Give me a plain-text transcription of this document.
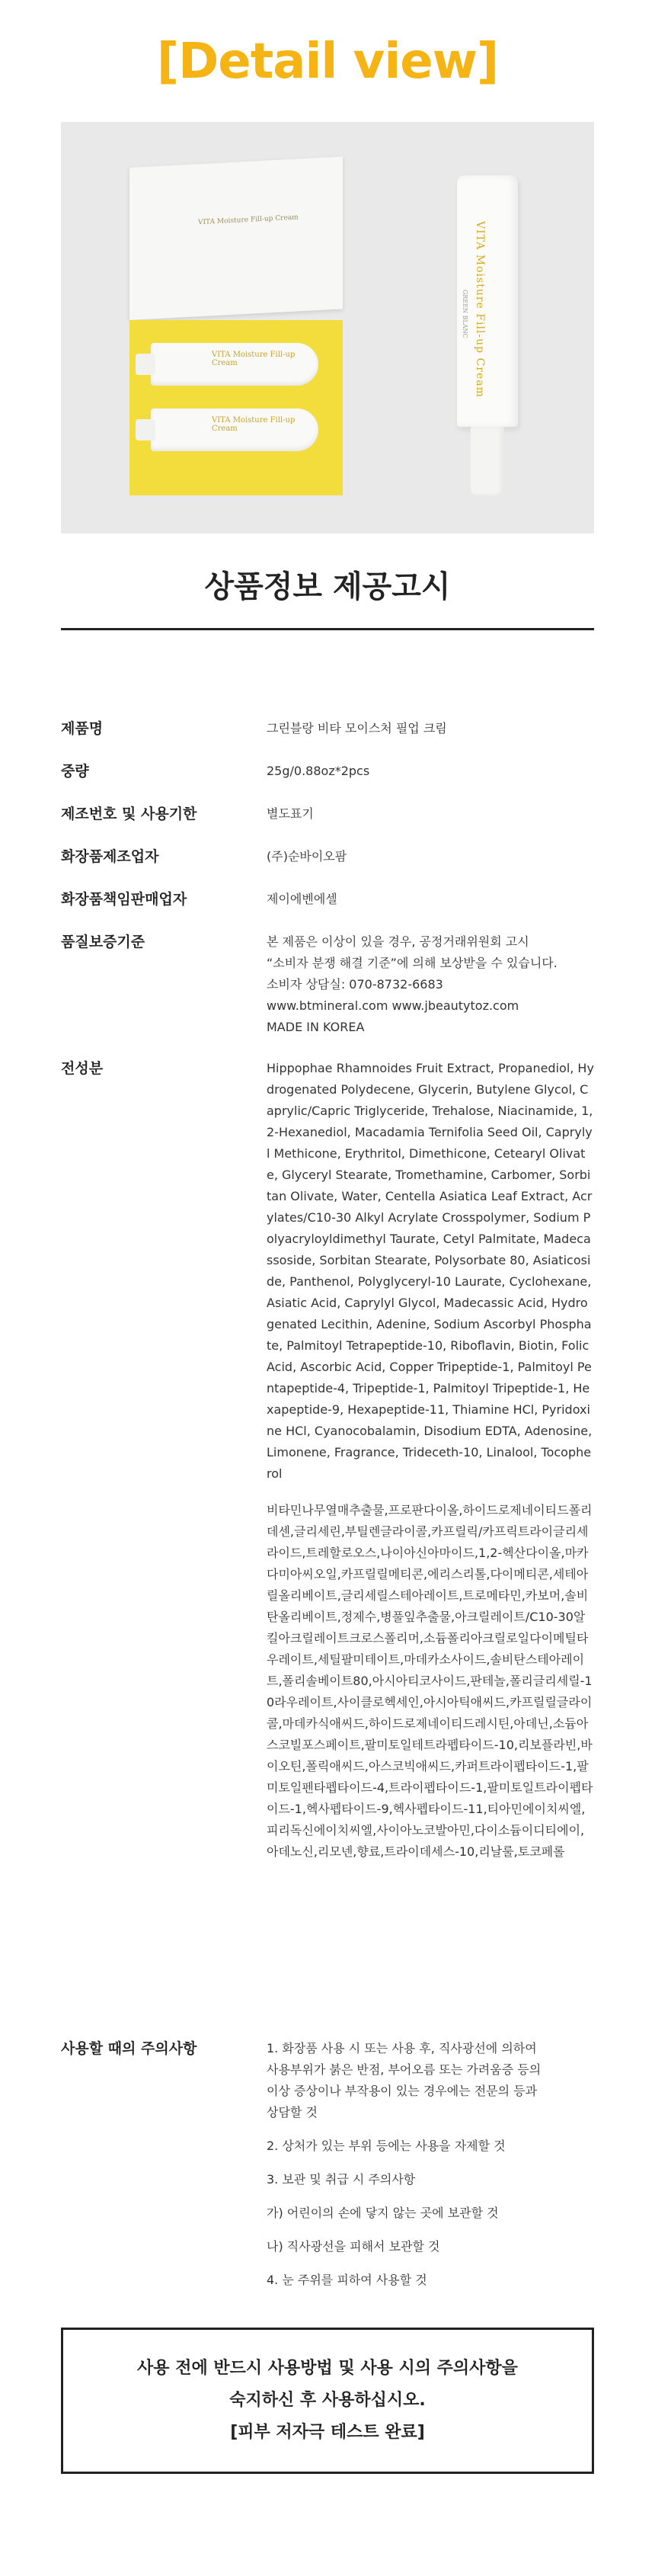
[Detail view]
VITA Moisture Fill-up Cream
VITA Moisture Fill-up Cream
VITA Moisture Fill-up Cream
VITA Moisture Fill-up Cream
GREEN BLANC
상품정보 제공고시
제품명	그린블랑 비타 모이스처 필업 크림
중량	25g/0.88oz*2pcs
제조번호 및 사용기한	별도표기
화장품제조업자	(주)순바이오팜
화장품책임판매업자	제이에벤에셀
품질보증기준	본 제품은 이상이 있을 경우, 공정거래위원회 고시
“소비자 분쟁 해결 기준”에 의해 보상받을 수 있습니다.
소비자 상담실: 070-8732-6683
www.btmineral.com www.jbeautytoz.com
MADE IN KOREA
전성분	Hippophae Rhamnoides Fruit Extract, Propanediol, Hydrogenated Polydecene, Glycerin, Butylene Glycol, Caprylic/Capric Triglyceride, Trehalose, Niacinamide, 1,2-Hexanediol, Macadamia Ternifolia Seed Oil, Caprylyl Methicone, Erythritol, Dimethicone, Cetearyl Olivate, Glyceryl Stearate, Tromethamine, Carbomer, Sorbitan Olivate, Water, Centella Asiatica Leaf Extract, Acrylates/C10-30 Alkyl Acrylate Crosspolymer, Sodium Polyacryloyldimethyl Taurate, Cetyl Palmitate, Madecassoside, Sorbitan Stearate, Polysorbate 80, Asiaticoside, Panthenol, Polyglyceryl-10 Laurate, Cyclohexane, Asiatic Acid, Caprylyl Glycol, Madecassic Acid, Hydrogenated Lecithin, Adenine, Sodium Ascorbyl Phosphate, Palmitoyl Tetrapeptide-10, Riboflavin, Biotin, Folic Acid, Ascorbic Acid, Copper Tripeptide-1, Palmitoyl Pentapeptide-4, Tripeptide-1, Palmitoyl Tripeptide-1, Hexapeptide-9, Hexapeptide-11, Thiamine HCl, Pyridoxine HCl, Cyanocobalamin, Disodium EDTA, Adenosine, Limonene, Fragrance, Trideceth-10, Linalool, Tocopherol
비타민나무열매추출물,프로판다이올,하이드로제네이티드폴리데센,글리세린,부틸렌글라이콜,카프릴릭/카프릭트라이글리세라이드,트레할로오스,나이아신아마이드,1,2-헥산다이올,마카다미아씨오일,카프릴릴메티콘,에리스리톨,다이메티콘,세테아릴올리베이트,글리세릴스테아레이트,트로메타민,카보머,솔비탄올리베이트,정제수,병풀잎추출물,아크릴레이트/C10-30알킬아크릴레이트크로스폴리머,소듐폴리아크릴로일다이메틸타우레이트,세틸팔미테이트,마데카소사이드,솔비탄스테아레이트,폴리솔베이트80,아시아티코사이드,판테놀,폴리글리세릴-10라우레이트,사이클로헥세인,아시아틱애씨드,카프릴릴글라이콜,마데카식애씨드,하이드로제네이티드레시틴,아데닌,소듐아스코빌포스페이트,팔미토일테트라펩타이드-10,리보플라빈,바이오틴,폴릭애씨드,아스코빅애씨드,카퍼트라이펩타이드-1,팔미토일펜타펩타이드-4,트라이펩타이드-1,팔미토일트라이펩타이드-1,헥사펩타이드-9,헥사펩타이드-11,티아민에이치씨엘,피리독신에이치씨엘,사이아노코발아민,다이소듐이디티에이,아데노신,리모넨,향료,트라이데세스-10,리날룰,토코페롤
사용할 때의 주의사항	1. 화장품 사용 시 또는 사용 후, 직사광선에 의하여
사용부위가 붉은 반점, 부어오름 또는 가려움증 등의
이상 증상이나 부작용이 있는 경우에는 전문의 등과
상담할 것
2. 상처가 있는 부위 등에는 사용을 자제할 것
3. 보관 및 취급 시 주의사항
가) 어린이의 손에 닿지 않는 곳에 보관할 것
나) 직사광선을 피해서 보관할 것
4. 눈 주위를 피하여 사용할 것
사용 전에 반드시 사용방법 및 사용 시의 주의사항을
숙지하신 후 사용하십시오.
[피부 저자극 테스트 완료]
